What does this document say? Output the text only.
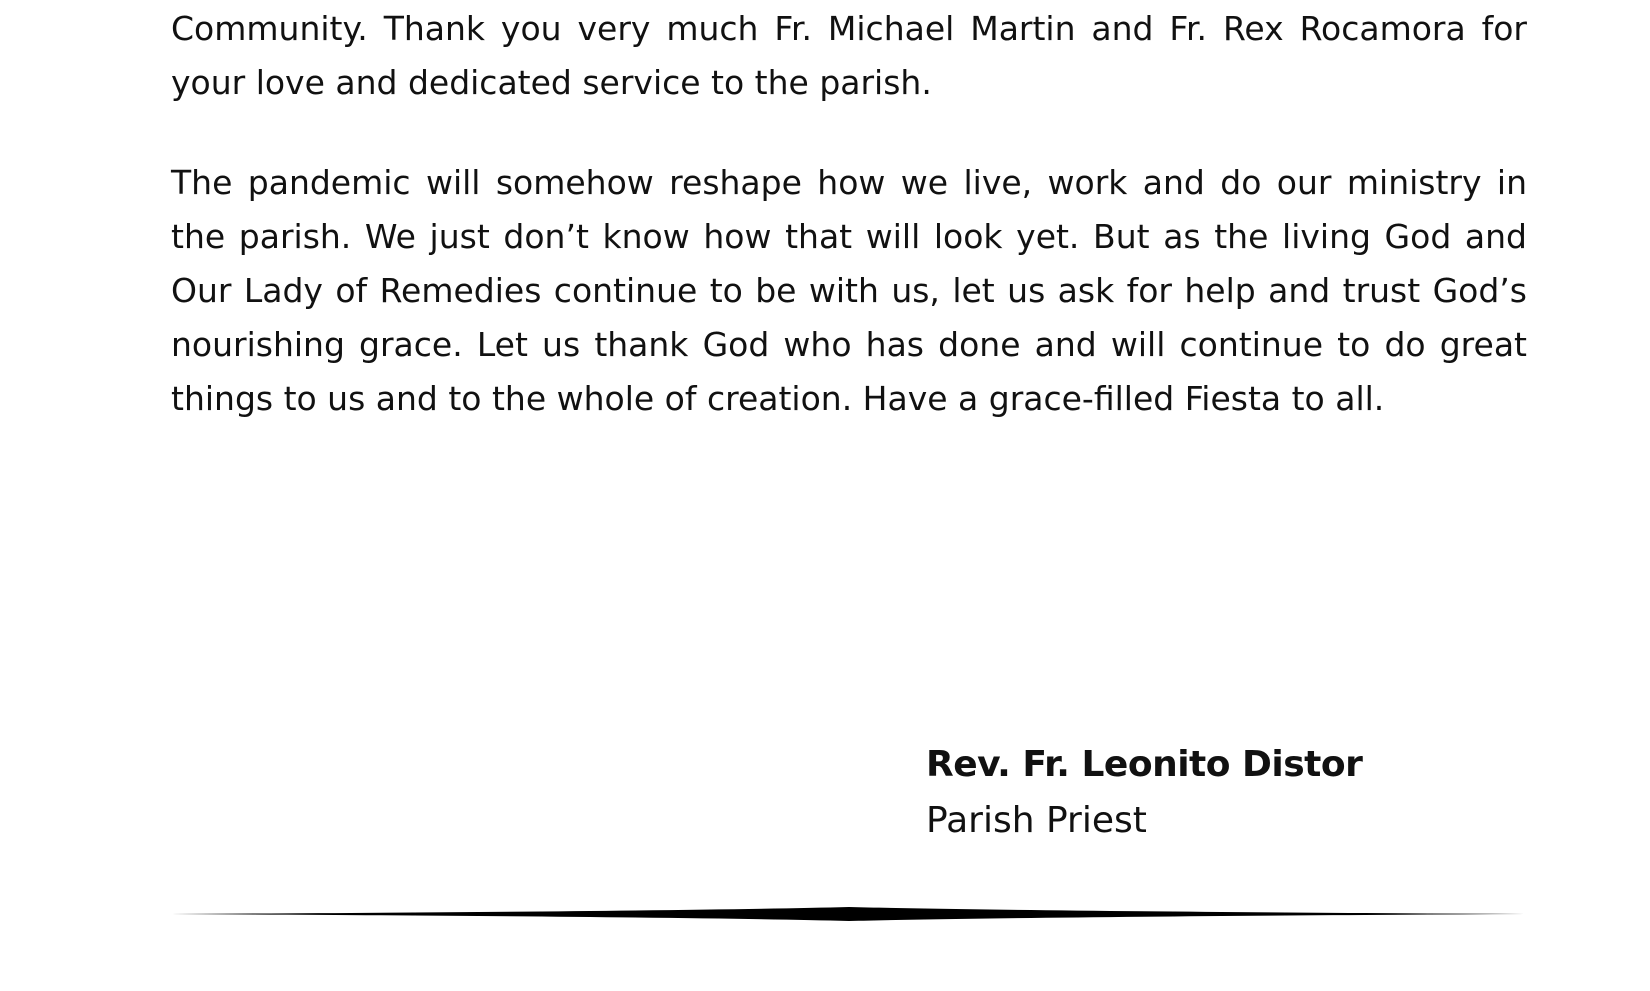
Community. Thank you very much Fr. Michael Martin and Fr. Rex Rocamora for your love and dedicated service to the parish.

The pandemic will somehow reshape how we live, work and do our ministry in the parish. We just don’t know how that will look yet. But as the living God and Our Lady of Remedies continue to be with us, let us ask for help and trust God’s nourishing grace. Let us thank God who has done and will continue to do great things to us and to the whole of creation. Have a grace-filled Fiesta to all.

Rev. Fr. Leonito Distor
Parish Priest
